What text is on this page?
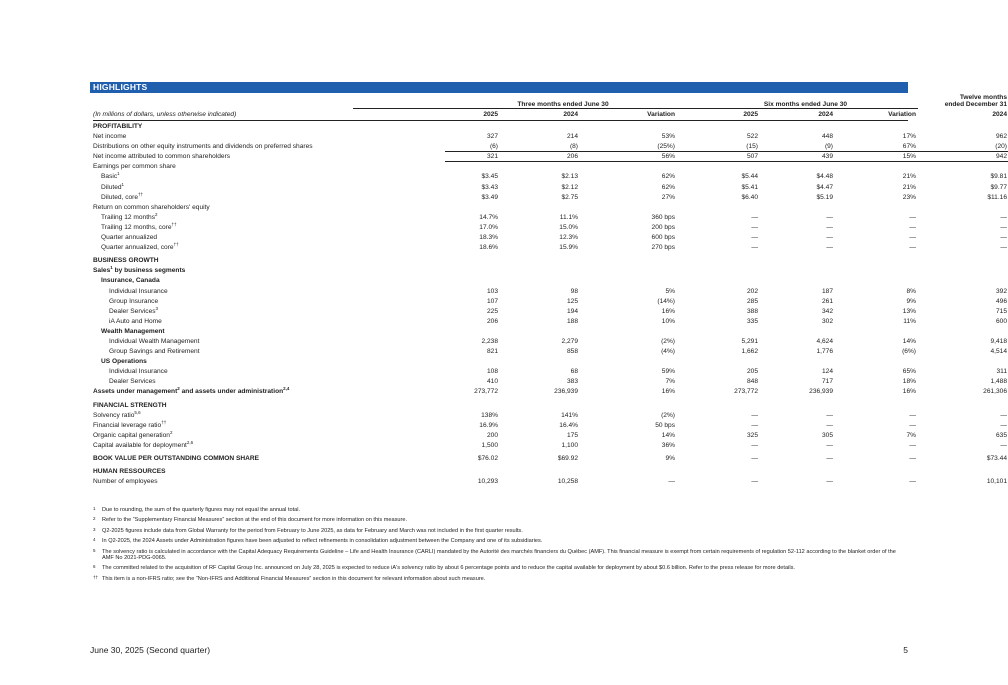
HIGHLIGHTS
Three months ended June 30	Six months ended June 30
Twelve months
ended December 31
(In millions of dollars, unless otherwise indicated)	2025	2024	Variation	2025	2024	Variation	2024
PROFITABILITY
Net income	327	214	53%	522	448	17%	962
Distributions on other equity instruments and dividends on preferred shares	(6)	(8)	(25%)	(15)	(9)	67%	(20)
Net income attributed to common shareholders	321	206	56%	507	439	15%	942
Earnings per common share
Basic$^1$	$3.45	$2.13	62%	$5.44	$4.48	21%	$9.81
Diluted$^1$	$3.43	$2.12	62%	$5.41	$4.47	21%	$9.77
Diluted, core††	$3.49	$2.75	27%	$6.40	$5.19	23%	$11.16
Return on common shareholders' equity
Trailing 12 months$^2$	14.7%	11.1%	360 bps	—	—	—	—
Trailing 12 months, core††	17.0%	15.0%	200 bps	—	—	—	—
Quarter annualized	18.3%	12.3%	600 bps	—	—	—	—
Quarter annualized, core††	18.6%	15.9%	270 bps	—	—	—	—
BUSINESS GROWTH
Sales$^1$ by business segments
Insurance, Canada
Individual Insurance	103	98	5%	202	187	8%	392
Group Insurance	107	125	(14%)	285	261	9%	496
Dealer Services$^3$	225	194	16%	388	342	13%	715
iA Auto and Home	206	188	10%	335	302	11%	600
Wealth Management
Individual Wealth Management	2,238	2,279	(2%)	5,291	4,624	14%	9,418
Group Savings and Retirement	821	858	(4%)	1,662	1,776	(6%)	4,514
US Operations
Individual Insurance	108	68	59%	205	124	65%	311
Dealer Services	410	383	7%	848	717	18%	1,488
Assets under management$^2$ and assets under administration$^{2,4}$	273,772	236,939	16%	273,772	236,939	16%	261,306
FINANCIAL STRENGTH
Solvency ratio$^{5,6}$	138%	141%	(2%)	—	—	—	—
Financial leverage ratio††	16.9%	16.4%	50 bps	—	—	—	—
Organic capital generation$^2$	200	175	14%	325	305	7%	635
Capital available for deployment$^{2,6}$	1,500	1,100	36%	—	—	—	—
BOOK VALUE PER OUTSTANDING COMMON SHARE	$76.02	$69.92	9%	—	—	—	$73.44
HUMAN RESSOURCES
Number of employees	10,293	10,258	—	—	—	—	10,101
1 Due to rounding, the sum of the quarterly figures may not equal the annual total.
2 Refer to the “Supplementary Financial Measures” section at the end of this document for more information on this measure.
3 Q2-2025 figures include data from Global Warranty for the period from February to June 2025, as data for February and March was not included in the first quarter results.
4 In Q2-2025, the 2024 Assets under Administration figures have been adjusted to reflect refinements in consolidation adjustment between the Company and one of its subsidiaries.
5 The solvency ratio is calculated in accordance with the Capital Adequacy Requirements Guideline – Life and Health Insurance (CARLI) mandated by the Autorité des marchés financiers du Québec (AMF). This financial measure is exempt from certain requirements of regulation 52-112 according to the blanket order of the AMF No 2021-PDG-0065.
6 The committed related to the acquisition of RF Capital Group Inc. announced on July 28, 2025 is expected to reduce iA's solvency ratio by about 6 percentage points and to reduce the capital available for deployment by about $0.6 billion. Refer to the press release for more details.
†† This item is a non-IFRS ratio; see the “Non-IFRS and Additional Financial Measures” section in this document for relevant information about such measure.
June 30, 2025 (Second quarter)	5
